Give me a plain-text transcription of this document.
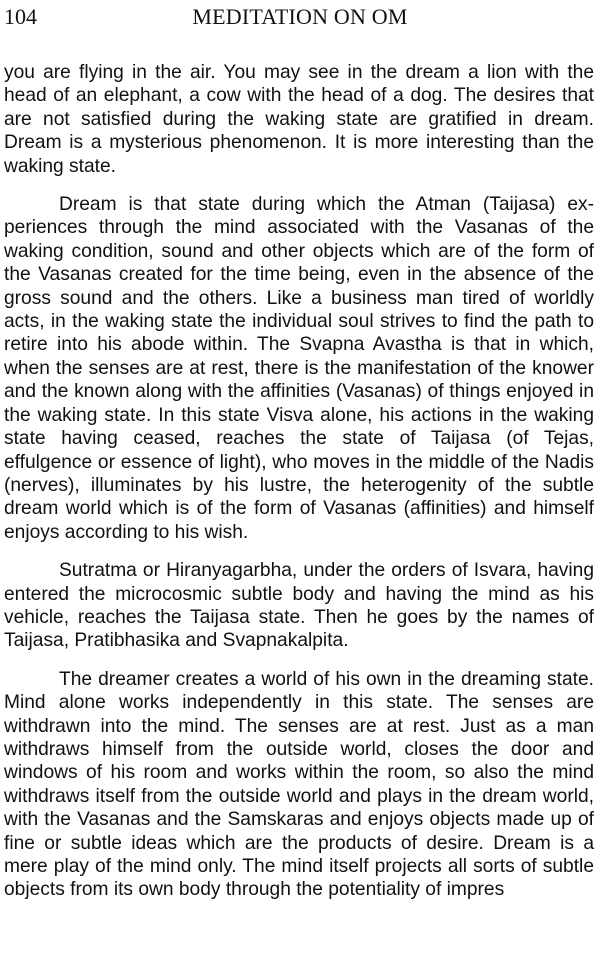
104	MEDITATION ON OM

you are flying in the air. You may see in the dream a lion with the head of an elephant, a cow with the head of a dog. The desires that are not satisfied during the waking state are gratified in dream. Dream is a mysterious phenomenon. It is more interesting than the waking state.

Dream is that state during which the Atman (Taijasa) experiences through the mind associated with the Vasanas of the waking condition, sound and other objects which are of the form of the Vasanas created for the time being, even in the absence of the gross sound and the others. Like a business man tired of worldly acts, in the waking state the individual soul strives to find the path to retire into his abode within. The Svapna Avastha is that in which, when the senses are at rest, there is the manifestation of the knower and the known along with the affinities (Vasanas) of things enjoyed in the waking state. In this state Visva alone, his actions in the waking state having ceased, reaches the state of Taijasa (of Tejas, effulgence or essence of light), who moves in the middle of the Nadis (nerves), illuminates by his lustre, the heterogenity of the subtle dream world which is of the form of Vasanas (affinities) and himself enjoys according to his wish.

Sutratma or Hiranyagarbha, under the orders of Isvara, having entered the microcosmic subtle body and having the mind as his vehicle, reaches the Taijasa state. Then he goes by the names of Taijasa, Pratibhasika and Svapnakalpita.

The dreamer creates a world of his own in the dreaming state. Mind alone works independently in this state. The senses are withdrawn into the mind. The senses are at rest. Just as a man withdraws himself from the outside world, closes the door and windows of his room and works within the room, so also the mind withdraws itself from the outside world and plays in the dream world, with the Vasanas and the Samskaras and enjoys objects made up of fine or subtle ideas which are the products of desire. Dream is a mere play of the mind only. The mind itself projects all sorts of subtle objects from its own body through the potentiality of impres
